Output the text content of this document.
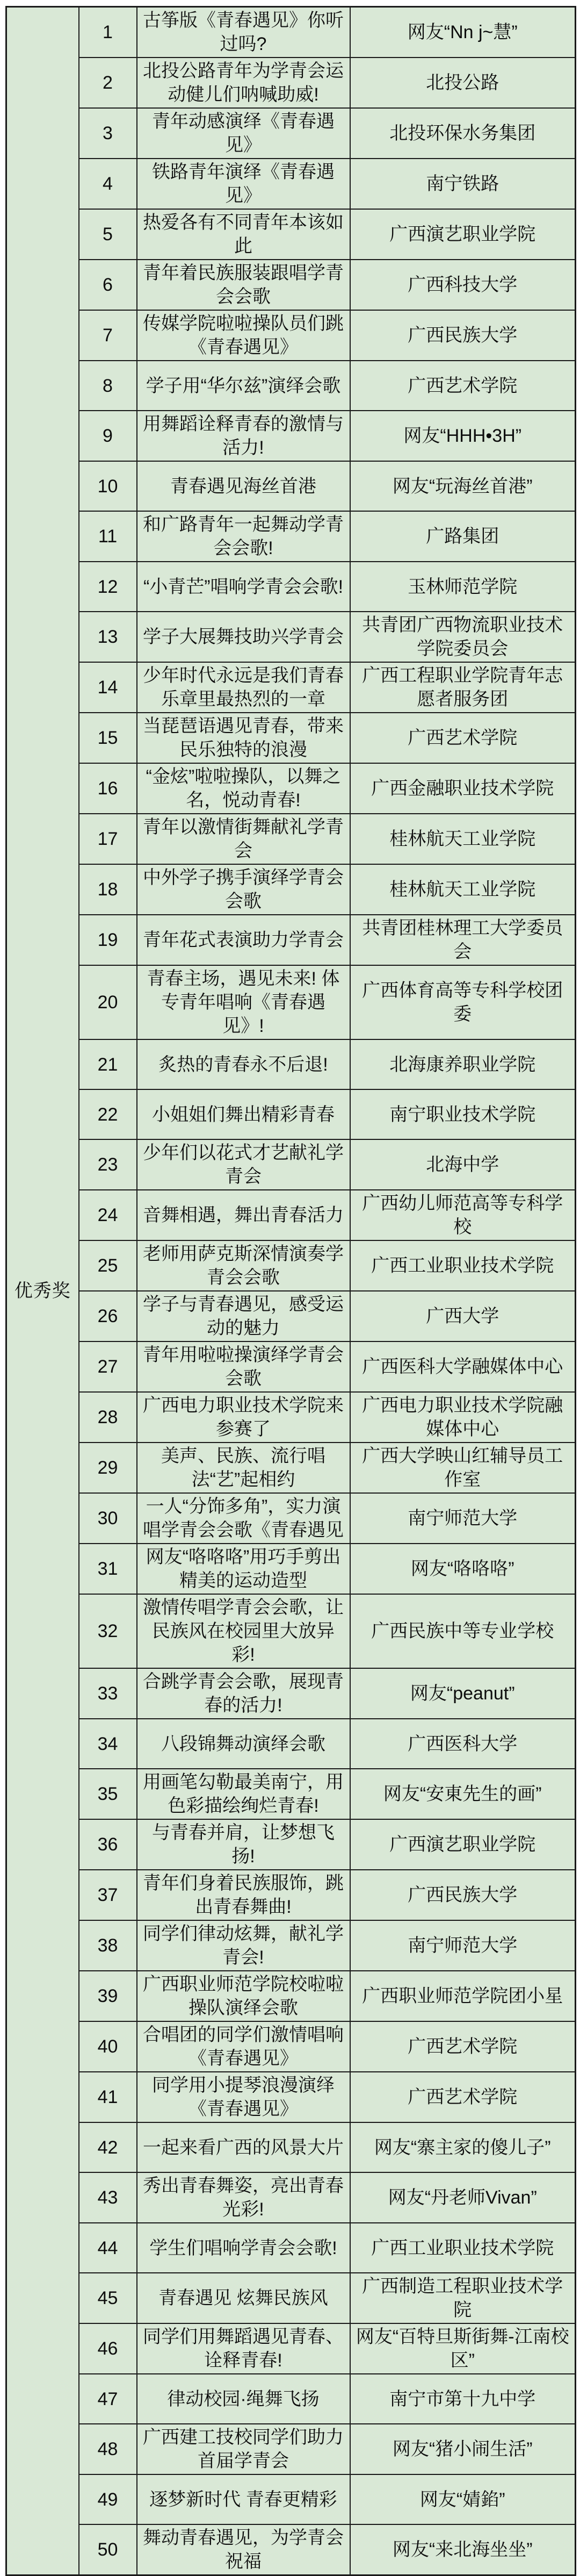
优秀奖	1	古筝版《青春遇见》你听过吗?	网友“Nn j~慧”
	2	北投公路青年为学青会运动健儿们呐喊助威!	北投公路
	3	青年动感演绎《青春遇见》	北投环保水务集团
	4	铁路青年演绎《青春遇见》	南宁铁路
	5	热爱各有不同青年本该如此	广西演艺职业学院
	6	青年着民族服装跟唱学青会会歌	广西科技大学
	7	传媒学院啦啦操队员们跳《青春遇见》	广西民族大学
	8	学子用“华尔兹”演绎会歌	广西艺术学院
	9	用舞蹈诠释青春的激情与活力!	网友“HHH•3H”
	10	青春遇见海丝首港	网友“玩海丝首港”
	11	和广路青年一起舞动学青会会歌!	广路集团
	12	“小青芒”唱响学青会会歌!	玉林师范学院
	13	学子大展舞技助兴学青会	共青团广西物流职业技术学院委员会
	14	少年时代永远是我们青春乐章里最热烈的一章	广西工程职业学院青年志愿者服务团
	15	当琵琶语遇见青春，带来民乐独特的浪漫	广西艺术学院
	16	“金炫”啦啦操队，以舞之名，悦动青春!	广西金融职业技术学院
	17	青年以激情街舞献礼学青会	桂林航天工业学院
	18	中外学子携手演绎学青会会歌	桂林航天工业学院
	19	青年花式表演助力学青会	共青团桂林理工大学委员会
	20	青春主场，遇见未来! 体专青年唱响《青春遇见》!	广西体育高等专科学校团委
	21	炙热的青春永不后退!	北海康养职业学院
	22	小姐姐们舞出精彩青春	南宁职业技术学院
	23	少年们以花式才艺献礼学青会	北海中学
	24	音舞相遇，舞出青春活力	广西幼儿师范高等专科学校
	25	老师用萨克斯深情演奏学青会会歌	广西工业职业技术学院
	26	学子与青春遇见，感受运动的魅力	广西大学
	27	青年用啦啦操演绎学青会会歌	广西医科大学融媒体中心
	28	广西电力职业技术学院来参赛了	广西电力职业技术学院融媒体中心
	29	美声、民族、流行唱法“艺”起相约	广西大学映山红辅导员工作室
	30	一人“分饰多角”，实力演唱学青会会歌《青春遇见	南宁师范大学
	31	网友“咯咯咯”用巧手剪出精美的运动造型	网友“咯咯咯”
	32	激情传唱学青会会歌，让民族风在校园里大放异彩!	广西民族中等专业学校
	33	合跳学青会会歌，展现青春的活力!	网友“peanut”
	34	八段锦舞动演绎会歌	广西医科大学
	35	用画笔勾勒最美南宁，用色彩描绘绚烂青春!	网友“安東先生的画”
	36	与青春并肩，让梦想飞扬!	广西演艺职业学院
	37	青年们身着民族服饰，跳出青春舞曲!	广西民族大学
	38	同学们律动炫舞，献礼学青会!	南宁师范大学
	39	广西职业师范学院校啦啦操队演绎会歌	广西职业师范学院团小星
	40	合唱团的同学们激情唱响《青春遇见》	广西艺术学院
	41	同学用小提琴浪漫演绎《青春遇见》	广西艺术学院
	42	一起来看广西的风景大片	网友“寨主家的傻儿子”
	43	秀出青春舞姿，亮出青春光彩!	网友“丹老师Vivan”
	44	学生们唱响学青会会歌!	广西工业职业技术学院
	45	青春遇见 炫舞民族风	广西制造工程职业技术学院
	46	同学们用舞蹈遇见青春、诠释青春!	网友“百特旦斯街舞-江南校区”
	47	律动校园·绳舞飞扬	南宁市第十九中学
	48	广西建工技校同学们助力首届学青会	网友“猪小闹生活”
	49	逐梦新时代 青春更精彩	网友“婧錎”
	50	舞动青春遇见，为学青会祝福	网友“来北海坐坐”
